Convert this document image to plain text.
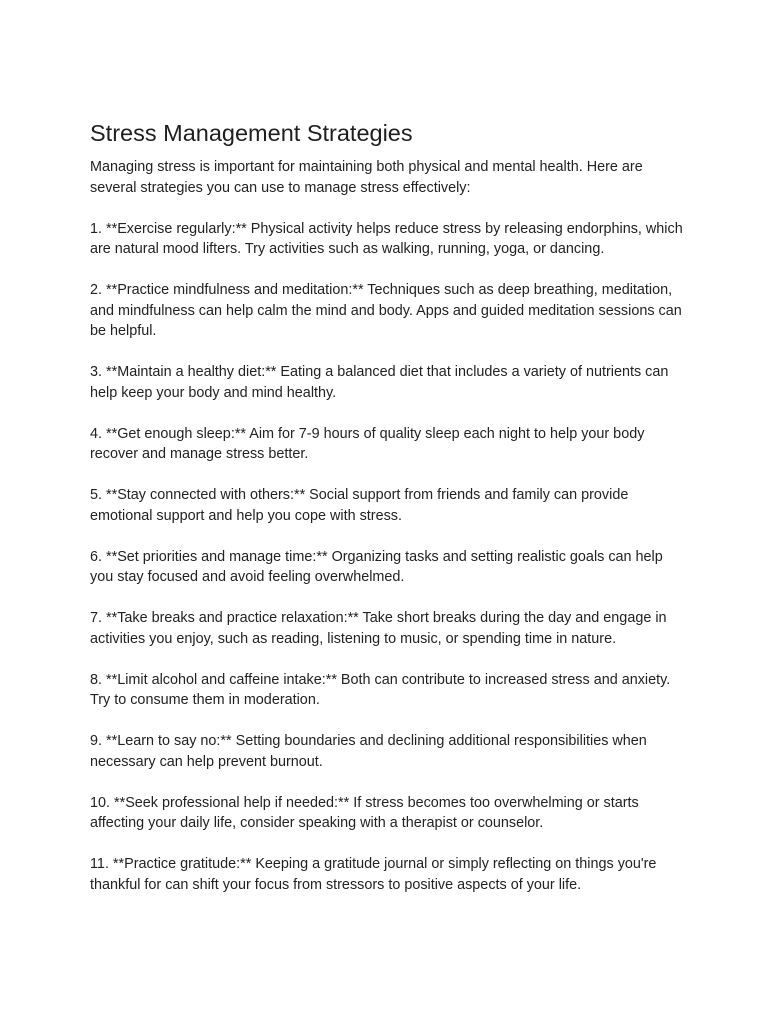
Stress Management Strategies

Managing stress is important for maintaining both physical and mental health. Here are several strategies you can use to manage stress effectively:

1. **Exercise regularly:** Physical activity helps reduce stress by releasing endorphins, which are natural mood lifters. Try activities such as walking, running, yoga, or dancing.

2. **Practice mindfulness and meditation:** Techniques such as deep breathing, meditation, and mindfulness can help calm the mind and body. Apps and guided meditation sessions can be helpful.

3. **Maintain a healthy diet:** Eating a balanced diet that includes a variety of nutrients can help keep your body and mind healthy.

4. **Get enough sleep:** Aim for 7-9 hours of quality sleep each night to help your body recover and manage stress better.

5. **Stay connected with others:** Social support from friends and family can provide emotional support and help you cope with stress.

6. **Set priorities and manage time:** Organizing tasks and setting realistic goals can help you stay focused and avoid feeling overwhelmed.

7. **Take breaks and practice relaxation:** Take short breaks during the day and engage in activities you enjoy, such as reading, listening to music, or spending time in nature.

8. **Limit alcohol and caffeine intake:** Both can contribute to increased stress and anxiety. Try to consume them in moderation.

9. **Learn to say no:** Setting boundaries and declining additional responsibilities when necessary can help prevent burnout.

10. **Seek professional help if needed:** If stress becomes too overwhelming or starts affecting your daily life, consider speaking with a therapist or counselor.

11. **Practice gratitude:** Keeping a gratitude journal or simply reflecting on things you're thankful for can shift your focus from stressors to positive aspects of your life.
